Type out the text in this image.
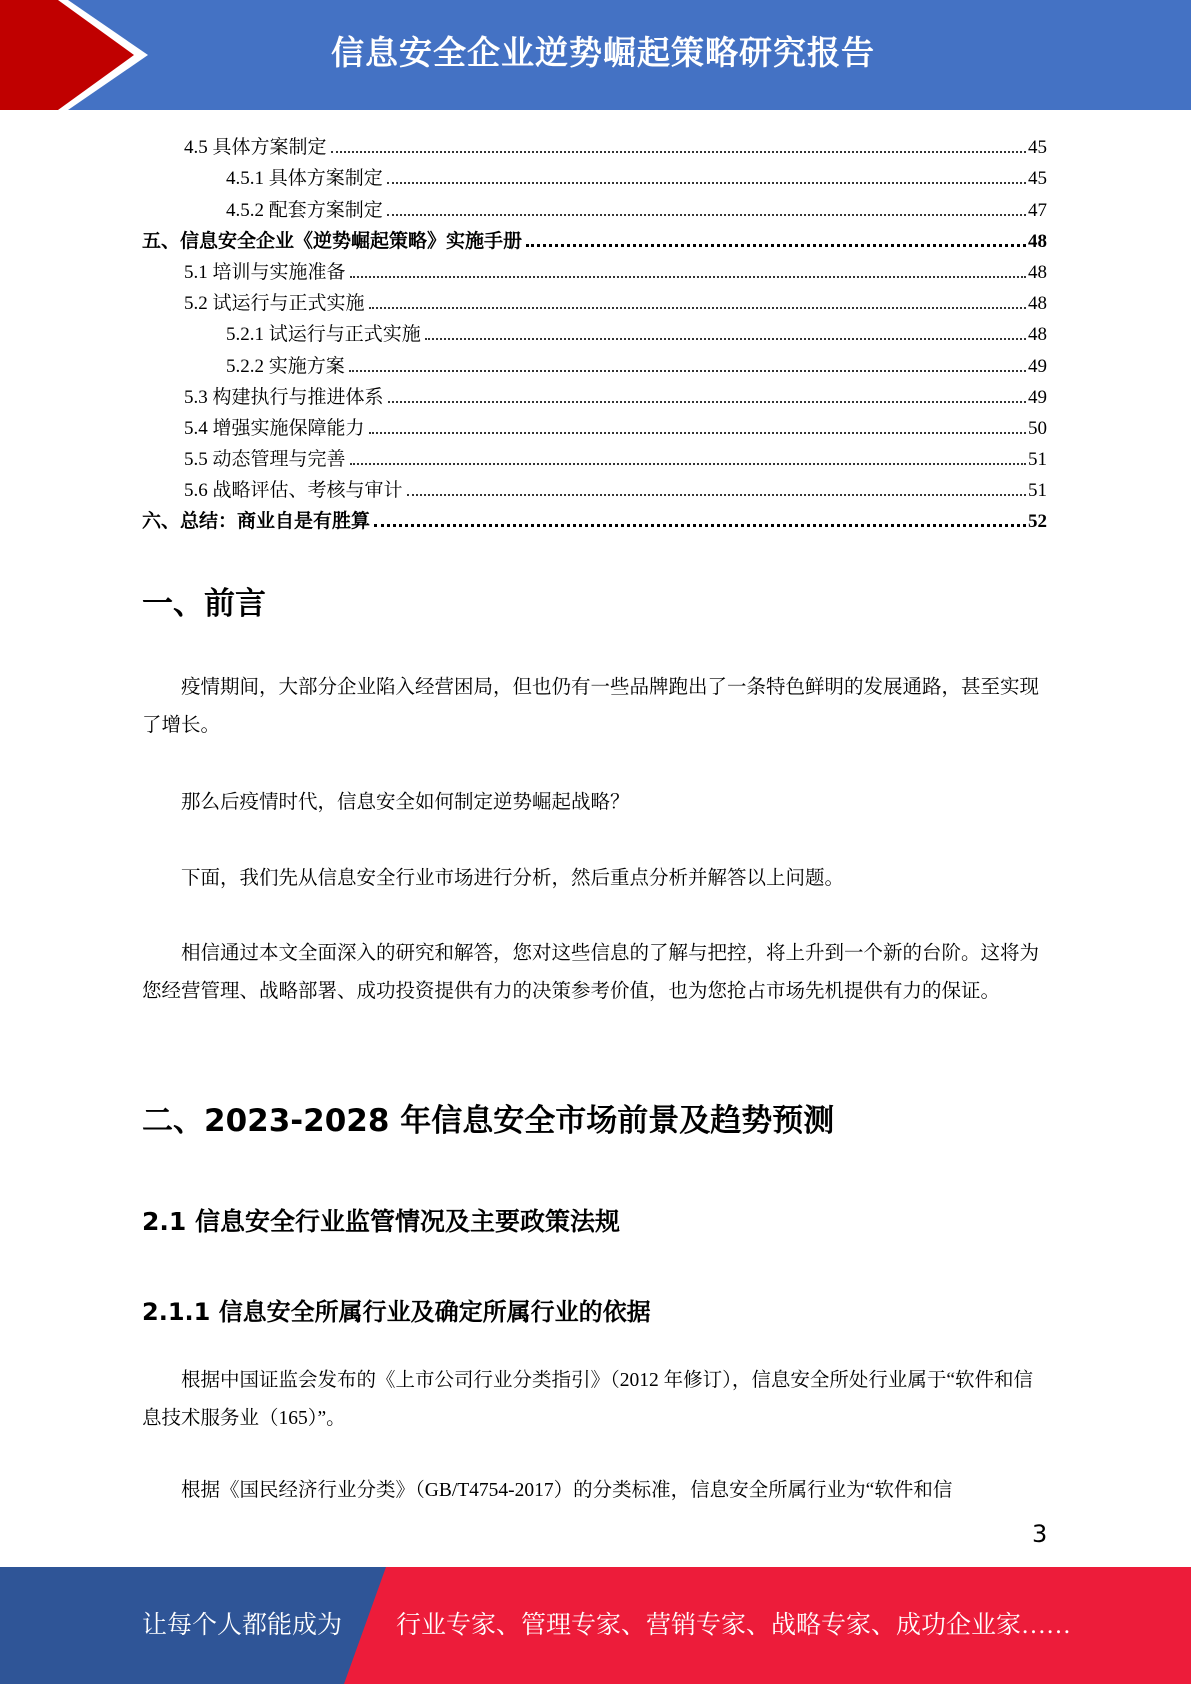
信息安全企业逆势崛起策略研究报告
4.5 具体方案制定	45
4.5.1 具体方案制定	45
4.5.2 配套方案制定	47
五、信息安全企业《逆势崛起策略》实施手册	48
5.1 培训与实施准备	48
5.2 试运行与正式实施	48
5.2.1 试运行与正式实施	48
5.2.2 实施方案	49
5.3 构建执行与推进体系	49
5.4 增强实施保障能力	50
5.5 动态管理与完善	51
5.6 战略评估、考核与审计	51
六、总结：商业自是有胜算	52
一、前言

疫情期间，大部分企业陷入经营困局，但也仍有一些品牌跑出了一条特色鲜明的发展通路，甚至实现了增长。

那么后疫情时代，信息安全如何制定逆势崛起战略？

下面，我们先从信息安全行业市场进行分析，然后重点分析并解答以上问题。

相信通过本文全面深入的研究和解答，您对这些信息的了解与把控，将上升到一个新的台阶。这将为您经营管理、战略部署、成功投资提供有力的决策参考价值，也为您抢占市场先机提供有力的保证。

二、2023-2028 年信息安全市场前景及趋势预测
2.1 信息安全行业监管情况及主要政策法规
2.1.1 信息安全所属行业及确定所属行业的依据

根据中国证监会发布的《上市公司行业分类指引》（2012 年修订），信息安全所处行业属于“软件和信息技术服务业（165）”。

根据《国民经济行业分类》（GB/T4754-2017）的分类标准，信息安全所属行业为“软件和信

3
让每个人都能成为 行业专家、管理专家、营销专家、战略专家、成功企业家……
